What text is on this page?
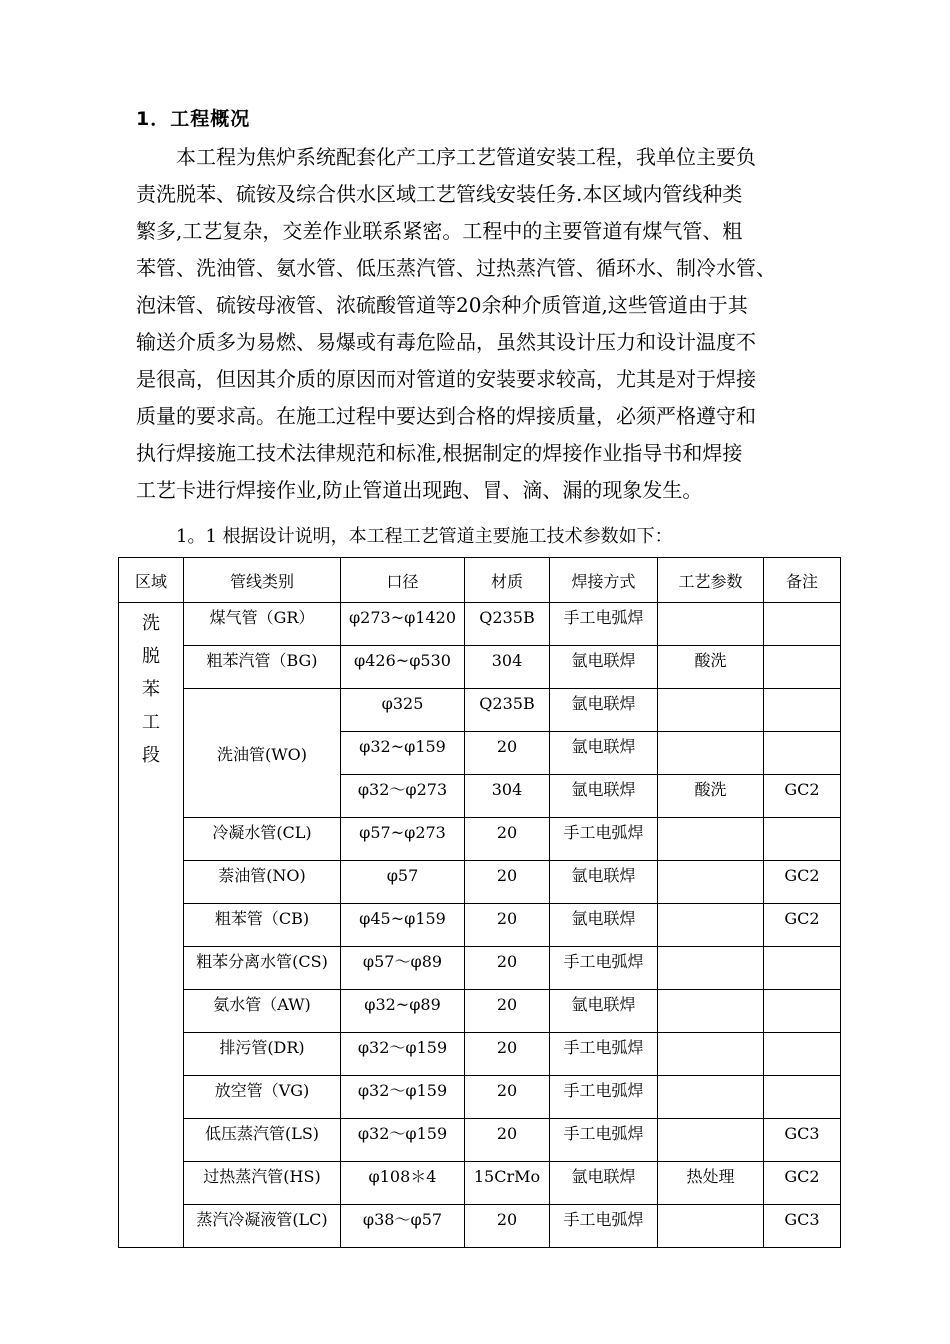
1．工程概况
本工程为焦炉系统配套化产工序工艺管道安装工程，我单位主要负
责洗脱苯、硫铵及综合供水区域工艺管线安装任务.本区域内管线种类
繁多,工艺复杂，交差作业联系紧密。工程中的主要管道有煤气管、粗
苯管、洗油管、氨水管、低压蒸汽管、过热蒸汽管、循环水、制冷水管、
泡沫管、硫铵母液管、浓硫酸管道等20余种介质管道,这些管道由于其
输送介质多为易燃、易爆或有毒危险品，虽然其设计压力和设计温度不
是很高，但因其介质的原因而对管道的安装要求较高，尤其是对于焊接
质量的要求高。在施工过程中要达到合格的焊接质量，必须严格遵守和
执行焊接施工技术法律规范和标准,根据制定的焊接作业指导书和焊接
工艺卡进行焊接作业,防止管道出现跑、冒、滴、漏的现象发生。
1。1 根据设计说明，本工程工艺管道主要施工技术参数如下：
区域	管线类别	口径	材质	焊接方式	工艺参数	备注

洗
脱
苯
工
段	煤气管（GR）	φ273~φ1420	Q235B	手工电弧焊		

	粗苯汽管（BG)	φ426~φ530	304	氩电联焊	酸洗	

	洗油管(WO)	φ325	Q235B	氩电联焊		

		φ32~φ159	20	氩电联焊		

		φ32～φ273	304	氩电联焊	酸洗	GC2

	冷凝水管(CL)	φ57~φ273	20	手工电弧焊		

	萘油管(NO)	φ57	20	氩电联焊		GC2

	粗苯管（CB)	φ45~φ159	20	氩电联焊		GC2

	粗苯分离水管(CS)	φ57～φ89	20	手工电弧焊		

	氨水管（AW)	φ32~φ89	20	氩电联焊		

	排污管(DR)	φ32～φ159	20	手工电弧焊		

	放空管（VG)	φ32～φ159	20	手工电弧焊		

	低压蒸汽管(LS)	φ32～φ159	20	手工电弧焊		GC3

	过热蒸汽管(HS)	φ108＊4	15CrMo	氩电联焊	热处理	GC2

	蒸汽冷凝液管(LC)	φ38～φ57	20	手工电弧焊		GC3
